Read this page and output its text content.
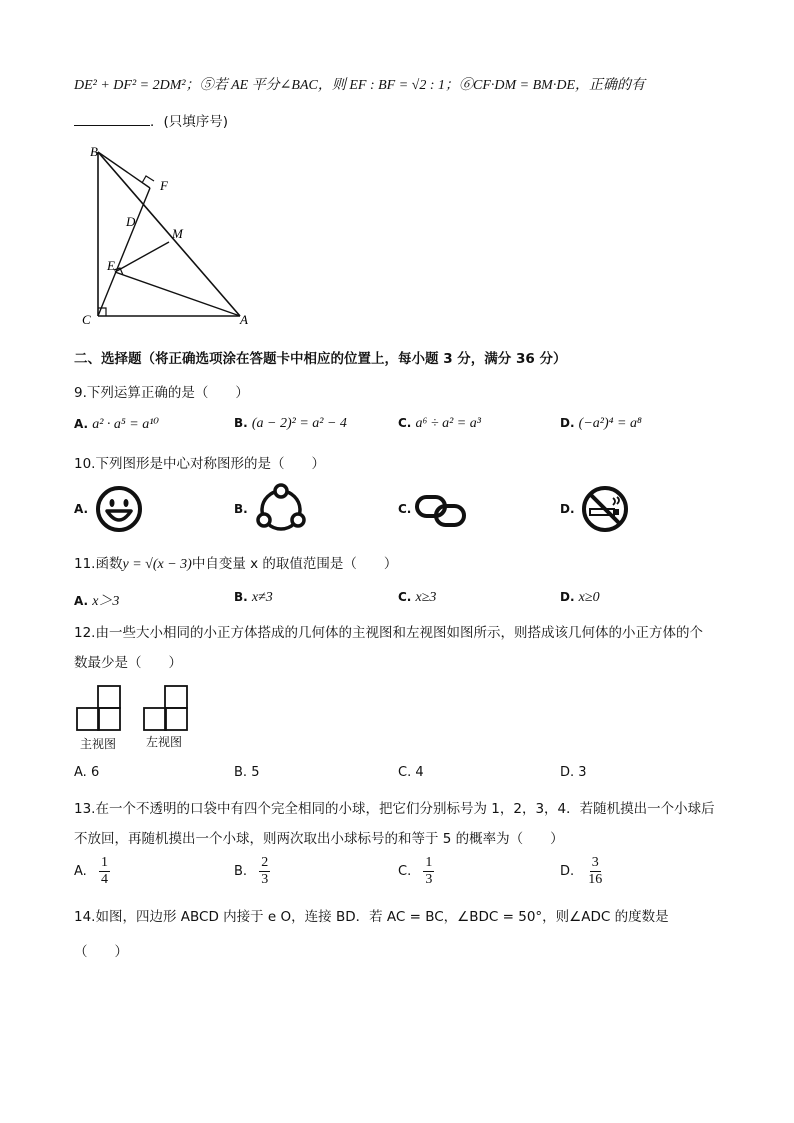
DE² + DF² = 2DM²；⑤若 AE 平分∠BAC，则 EF : BF = √2 : 1；⑥CF·DM = BM·DE，正确的有
．(只填序号)
B
F
D
M
E
C	A
二、选择题（将正确选项涂在答题卡中相应的位置上，每小题 3 分，满分 36 分）
9.下列运算正确的是（　　）
A. a² · a⁵ = a¹⁰	B. (a − 2)² = a² − 4	C. a⁶ ÷ a² = a³	D. (−a²)⁴ = a⁸
10.下列图形是中心对称图形的是（　　）
A.	B.	C.	D.
11.函数y = √(x − 3)中自变量 x 的取值范围是（　　）
A. x＞3	B. x≠3	C. x≥3	D. x≥0
12.由一些大小相同的小正方体搭成的几何体的主视图和左视图如图所示，则搭成该几何体的小正方体的个
数最少是（　　）
主视图 左视图
A. 6	B. 5	C. 4	D. 3
13.在一个不透明的口袋中有四个完全相同的小球，把它们分别标号为 1，2，3，4．若随机摸出一个小球后
不放回，再随机摸出一个小球，则两次取出小球标号的和等于 5 的概率为（　　）
A. $\frac{1}{4}$	B. $\frac{2}{3}$	C. $\frac{1}{3}$	D. $\frac{3}{16}$
14.如图，四边形 ABCD 内接于 e O，连接 BD．若 AC = BC，∠BDC = 50°，则∠ADC 的度数是
（　　）
